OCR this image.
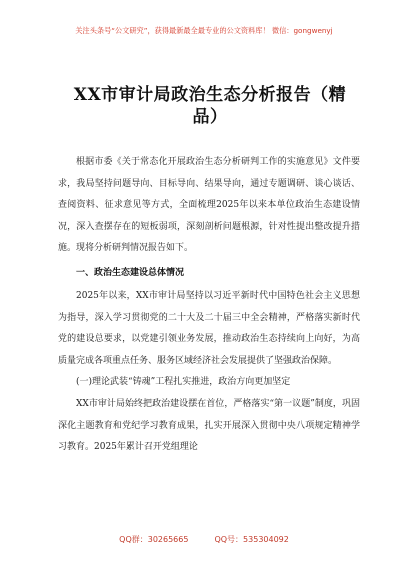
关注头条号“公文研究”，获得最新最全最专业的公文资料库！ 微信：gongwenyj
XX市审计局政治生态分析报告（精品）

根据市委《关于常态化开展政治生态分析研判工作的实施意见》文件要求，我局坚持问题导向、目标导向、结果导向，通过专题调研、谈心谈话、查阅资料、征求意见等方式，全面梳理2025年以来本单位政治生态建设情况，深入查摆存在的短板弱项，深刻剖析问题根源，针对性提出整改提升措施。现将分析研判情况报告如下。

一、政治生态建设总体情况

2025年以来，XX市审计局坚持以习近平新时代中国特色社会主义思想为指导，深入学习贯彻党的二十大及二十届三中全会精神，严格落实新时代党的建设总要求，以党建引领业务发展，推动政治生态持续向上向好，为高质量完成各项重点任务、服务区域经济社会发展提供了坚强政治保障。

(一)理论武装“铸魂”工程扎实推进，政治方向更加坚定

XX市审计局始终把政治建设摆在首位，严格落实“第一议题”制度，巩固深化主题教育和党纪学习教育成果，扎实开展深入贯彻中央八项规定精神学习教育。2025年累计召开党组理论

QQ群：30265665	QQ号：535304092
